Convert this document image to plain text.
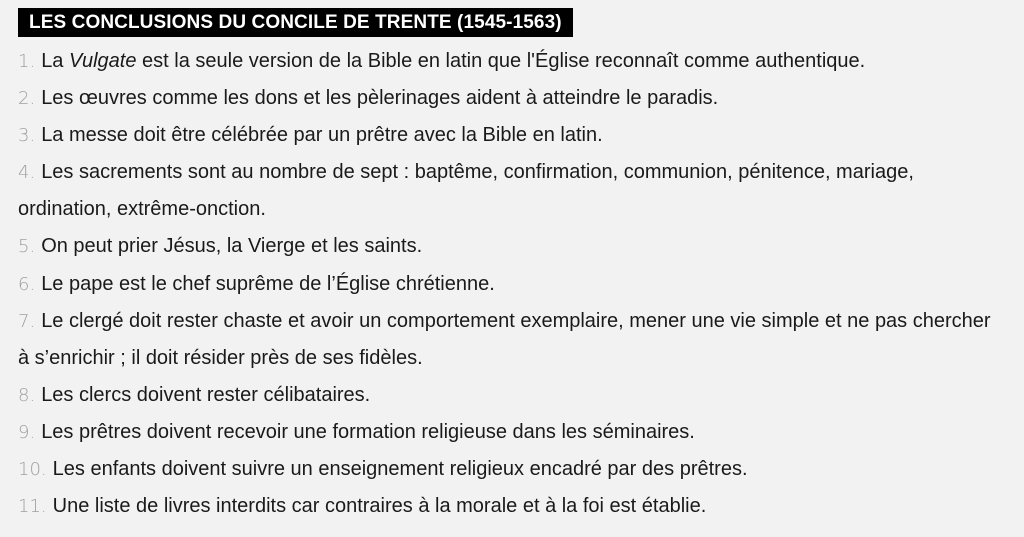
LES CONCLUSIONS DU CONCILE DE TRENTE (1545-1563)
1. La Vulgate est la seule version de la Bible en latin que l'Église reconnaît comme authentique.
2. Les œuvres comme les dons et les pèlerinages aident à atteindre le paradis.
3. La messe doit être célébrée par un prêtre avec la Bible en latin.
4. Les sacrements sont au nombre de sept : baptême, confirmation, communion, pénitence, mariage, ordination, extrême-onction.
5. On peut prier Jésus, la Vierge et les saints.
6. Le pape est le chef suprême de l’Église chrétienne.
7. Le clergé doit rester chaste et avoir un comportement exemplaire, mener une vie simple et ne pas chercher à s’enrichir ; il doit résider près de ses fidèles.
8. Les clercs doivent rester célibataires.
9. Les prêtres doivent recevoir une formation religieuse dans les séminaires.
10. Les enfants doivent suivre un enseignement religieux encadré par des prêtres.
11. Une liste de livres interdits car contraires à la morale et à la foi est établie.
